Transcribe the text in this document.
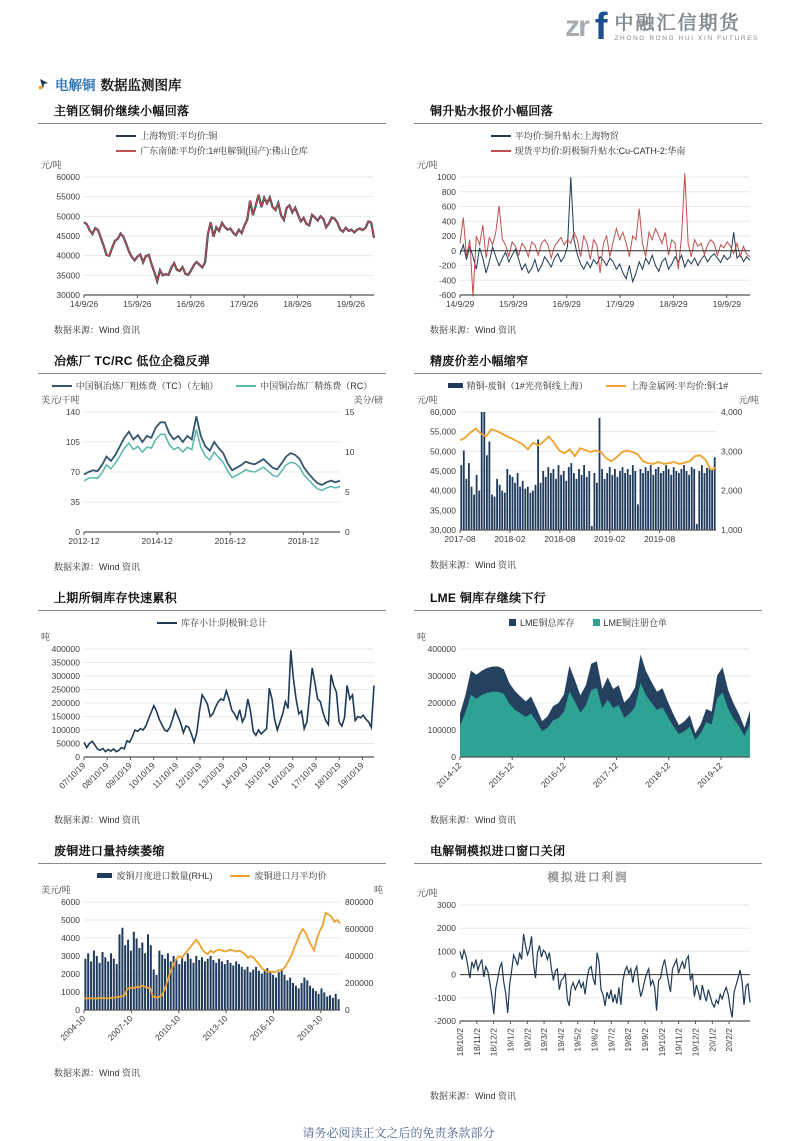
zr f 中融汇信期货
ZHONG RONG HUI XIN FUTURES
电解铜 数据监测图库
主销区铜价继续小幅回落
上海物贸:平均价:铜
广东南储:平均价:1#电解铜(国产):佛山仓库
元/吨
30000
35000
40000
45000
50000
55000
60000
14/9/26	15/9/26	16/9/26	17/9/26	18/9/26	19/9/26
数据来源：Wind 资讯
铜升贴水报价小幅回落
平均价:铜升贴水:上海物贸
现货平均价:阴极铜升贴水:Cu-CATH-2:华南
元/吨
-600
-400
-200
0
200
400
600
800
1000
14/9/29	15/9/29	16/9/29	17/9/29	18/9/29	19/9/29
数据来源：Wind 资讯
冶炼厂 TC/RC 低位企稳反弹
中国铜冶炼厂粗炼费（TC）（左轴）	中国铜冶炼厂精炼费（RC）
美元/干吨	美分/磅
0
35
70
105
140
0
5
10
15
2012-12	2014-12	2016-12	2018-12
数据来源：Wind 资讯
精废价差小幅缩窄
精铜-废铜（1#光亮铜线上海）	上海金属网:平均价:铜:1#
元/吨	元/吨
30,000
35,000
40,000
45,000
50,000
55,000
60,000
1,000
2,000
3,000
4,000
2017-08 2018-02 2018-08 2019-02 2019-08
数据来源：Wind 资讯
上期所铜库存快速累积
库存小计:阴极铜:总计
吨
0
50000
100000
150000
200000
250000
300000
350000
400000
07/10/19
08/10/19
09/10/19
10/10/19
11/10/19
12/10/19
13/10/19
14/10/19
15/10/19
16/10/19
17/10/19
18/10/19
19/10/19
数据来源：Wind 资讯
LME 铜库存继续下行
LME铜总库存	LME铜注册仓单
吨
0
100000
200000
300000
400000
2014-12	2015-12	2016-12	2017-12	2018-12	2019-12
数据来源：Wind 资讯
废铜进口量持续萎缩
废铜月度进口数量(RHL)	废铜进口月平均价
美元/吨	吨
0
1000
2000
3000
4000
5000
6000
0
200000
400000
600000
800000
2004-10 2007-10 2010-10 2013-10 2016-10 2019-10
数据来源：Wind 资讯
电解铜模拟进口窗口关闭
模拟进口利润
元/吨
-2000
-1000
0
1000
2000
3000
18/10/2 18/11/2 18/12/2 19/1/2 19/2/2 19/3/2 19/4/2 19/5/2 19/6/2 19/7/2 19/8/2 19/9/2 19/10/2 19/11/2 19/12/2 20/1/2 20/2/2
数据来源：Wind 资讯
请务必阅读正文之后的免责条款部分
